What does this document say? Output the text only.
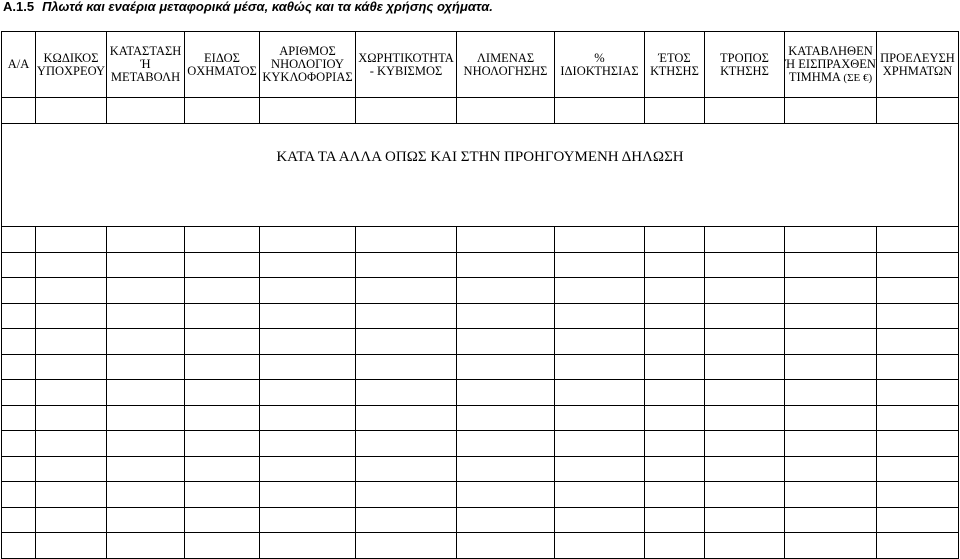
A.1.5 Πλωτά και εναέρια μεταφορικά μέσα, καθώς και τα κάθε χρήσης οχήματα.
Α/Α	ΚΩΔΙΚΟΣ ΥΠΟΧΡΕΟΥ	ΚΑΤΑΣΤΑΣΗ Ή ΜΕΤΑΒΟΛΗ	ΕΙΔΟΣ ΟΧΗΜΑΤΟΣ	ΑΡΙΘΜΟΣ ΝΗΟΛΟΓΙΟΥ ΚΥΚΛΟΦΟΡΙΑΣ	ΧΩΡΗΤΙΚΟΤΗΤΑ - ΚΥΒΙΣΜΟΣ	ΛΙΜΕΝΑΣ ΝΗΟΛΟΓΗΣΗΣ	% ΙΔΙΟΚΤΗΣΙΑΣ	ΈΤΟΣ ΚΤΗΣΗΣ	ΤΡΟΠΟΣ ΚΤΗΣΗΣ	ΚΑΤΑΒΛΗΘΕΝ Ή ΕΙΣΠΡΑΧΘΕΝ ΤΙΜΗΜΑ (ΣΕ €)	ΠΡΟΕΛΕΥΣΗ ΧΡΗΜΑΤΩΝ

ΚΑΤΑ ΤΑ ΑΛΛΑ ΟΠΩΣ ΚΑΙ ΣΤΗΝ ΠΡΟΗΓΟΥΜΕΝΗ ΔΗΛΩΣΗ											
